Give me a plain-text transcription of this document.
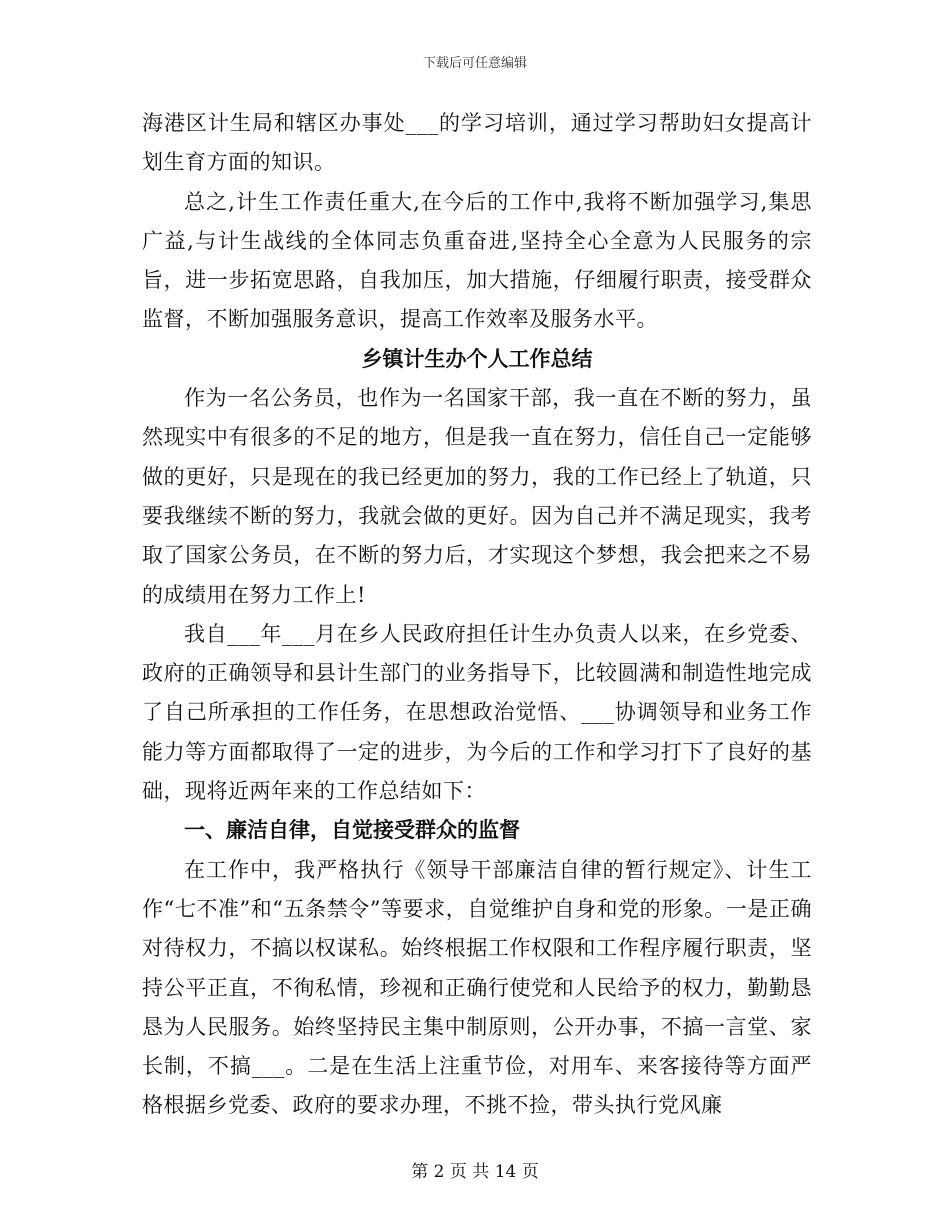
下载后可任意编辑

海港区计生局和辖区办事处___的学习培训，通过学习帮助妇女提高计划生育方面的知识。

总之,计生工作责任重大,在今后的工作中,我将不断加强学习,集思广益,与计生战线的全体同志负重奋进,坚持全心全意为人民服务的宗旨，进一步拓宽思路，自我加压，加大措施，仔细履行职责，接受群众监督，不断加强服务意识，提高工作效率及服务水平。

乡镇计生办个人工作总结

作为一名公务员，也作为一名国家干部，我一直在不断的努力，虽然现实中有很多的不足的地方，但是我一直在努力，信任自己一定能够做的更好，只是现在的我已经更加的努力，我的工作已经上了轨道，只要我继续不断的努力，我就会做的更好。因为自己并不满足现实，我考取了国家公务员，在不断的努力后，才实现这个梦想，我会把来之不易的成绩用在努力工作上!

我自___年___月在乡人民政府担任计生办负责人以来，在乡党委、政府的正确领导和县计生部门的业务指导下，比较圆满和制造性地完成了自己所承担的工作任务，在思想政治觉悟、___协调领导和业务工作能力等方面都取得了一定的进步，为今后的工作和学习打下了良好的基础，现将近两年来的工作总结如下：

一、廉洁自律，自觉接受群众的监督

在工作中，我严格执行《领导干部廉洁自律的暂行规定》、计生工作“七不准”和“五条禁令”等要求，自觉维护自身和党的形象。一是正确对待权力，不搞以权谋私。始终根据工作权限和工作程序履行职责，坚持公平正直，不徇私情，珍视和正确行使党和人民给予的权力，勤勤恳恳为人民服务。始终坚持民主集中制原则，公开办事，不搞一言堂、家长制，不搞___。二是在生活上注重节俭，对用车、来客接待等方面严格根据乡党委、政府的要求办理，不挑不捡，带头执行党风廉

第 2 页 共 14 页
